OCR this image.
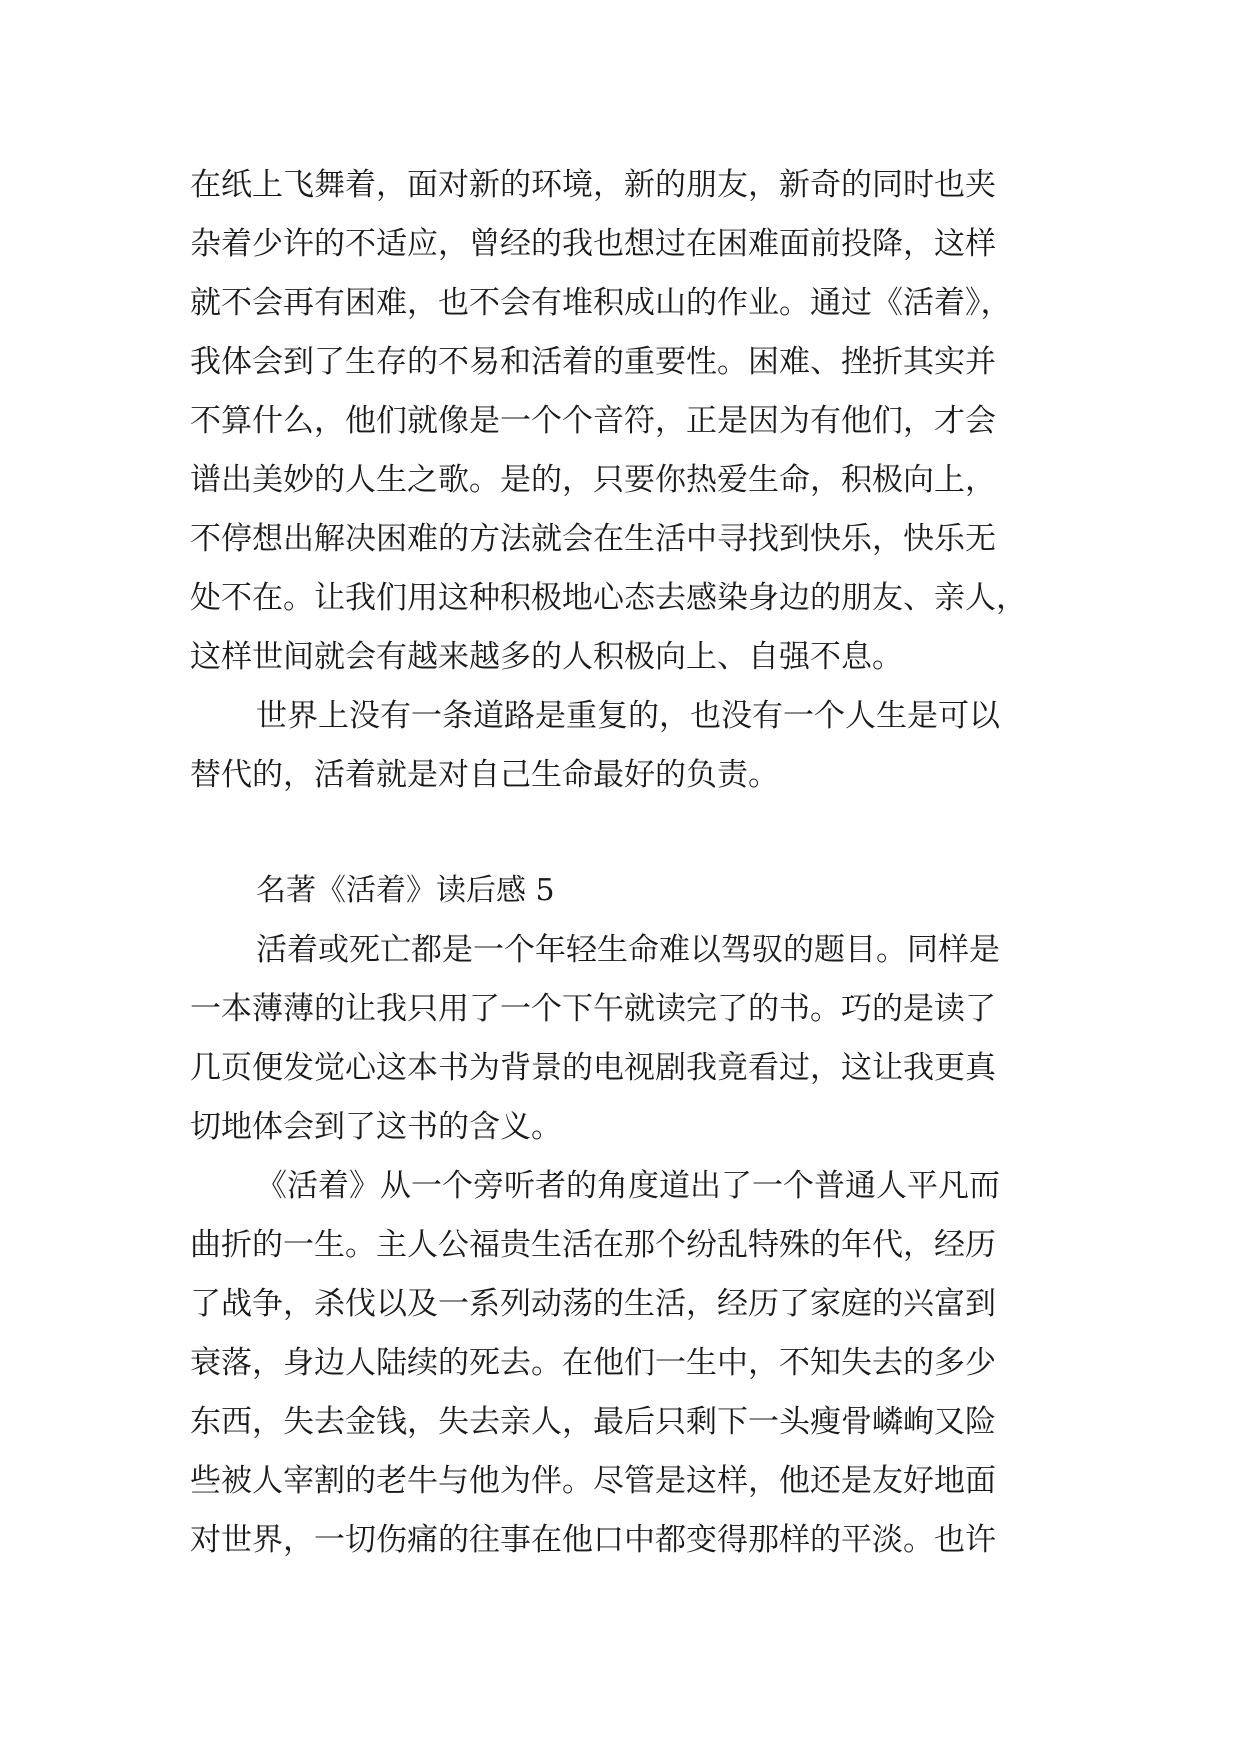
在纸上飞舞着，面对新的环境，新的朋友，新奇的同时也夹
杂着少许的不适应，曾经的我也想过在困难面前投降，这样
就不会再有困难，也不会有堆积成山的作业。通过《活着》，
我体会到了生存的不易和活着的重要性。困难、挫折其实并
不算什么，他们就像是一个个音符，正是因为有他们，才会
谱出美妙的人生之歌。是的，只要你热爱生命，积极向上，
不停想出解决困难的方法就会在生活中寻找到快乐，快乐无
处不在。让我们用这种积极地心态去感染身边的朋友、亲人，
这样世间就会有越来越多的人积极向上、自强不息。
世界上没有一条道路是重复的，也没有一个人生是可以
替代的，活着就是对自己生命最好的负责。
名著《活着》读后感 5
活着或死亡都是一个年轻生命难以驾驭的题目。同样是
一本薄薄的让我只用了一个下午就读完了的书。巧的是读了
几页便发觉心这本书为背景的电视剧我竟看过，这让我更真
切地体会到了这书的含义。
《活着》从一个旁听者的角度道出了一个普通人平凡而
曲折的一生。主人公福贵生活在那个纷乱特殊的年代，经历
了战争，杀伐以及一系列动荡的生活，经历了家庭的兴富到
衰落，身边人陆续的死去。在他们一生中，不知失去的多少
东西，失去金钱，失去亲人，最后只剩下一头瘦骨嶙峋又险
些被人宰割的老牛与他为伴。尽管是这样，他还是友好地面
对世界，一切伤痛的往事在他口中都变得那样的平淡。也许
